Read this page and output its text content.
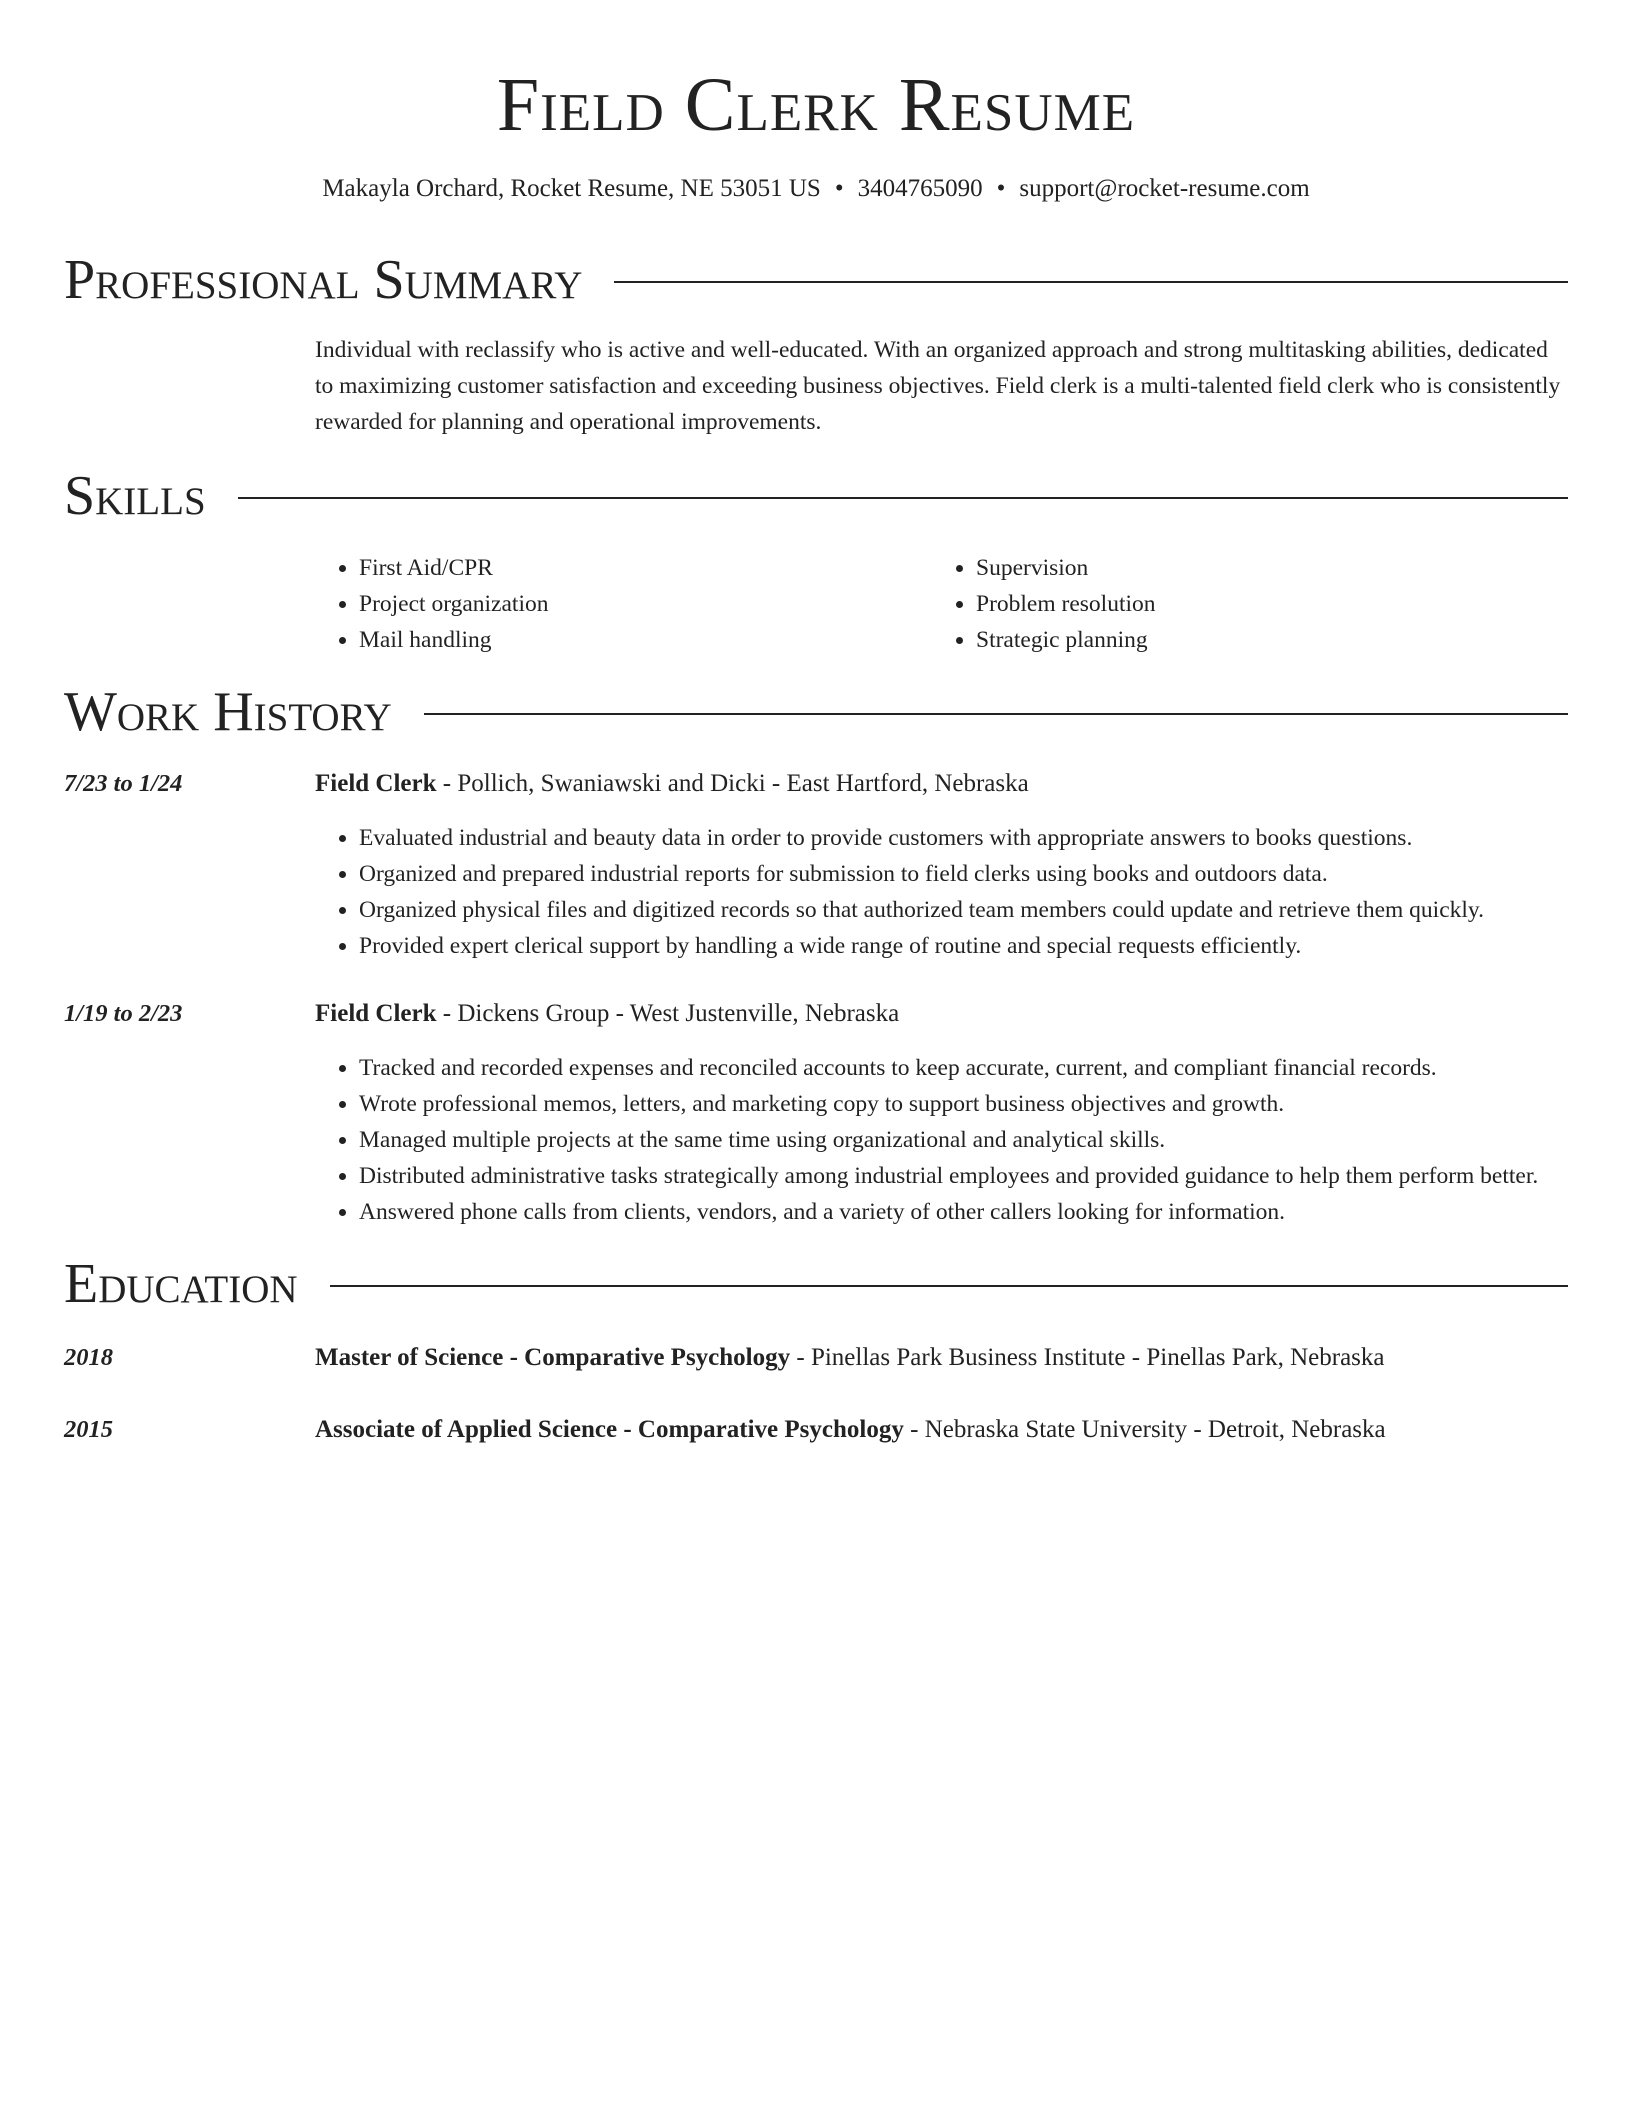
Field Clerk Resume
Makayla Orchard, Rocket Resume, NE 53051 US • 3404765090 • support@rocket-resume.com
Professional Summary
Individual with reclassify who is active and well-educated. With an organized approach and strong multitasking abilities, dedicated to maximizing customer satisfaction and exceeding business objectives. Field clerk is a multi-talented field clerk who is consistently rewarded for planning and operational improvements.
Skills
• First Aid/CPR
• Project organization
• Mail handling
• Supervision
• Problem resolution
• Strategic planning
Work History
7/23 to 1/24	Field Clerk - Pollich, Swaniawski and Dicki - East Hartford, Nebraska
• Evaluated industrial and beauty data in order to provide customers with appropriate answers to books questions.
• Organized and prepared industrial reports for submission to field clerks using books and outdoors data.
• Organized physical files and digitized records so that authorized team members could update and retrieve them quickly.
• Provided expert clerical support by handling a wide range of routine and special requests efficiently.
1/19 to 2/23	Field Clerk - Dickens Group - West Justenville, Nebraska
• Tracked and recorded expenses and reconciled accounts to keep accurate, current, and compliant financial records.
• Wrote professional memos, letters, and marketing copy to support business objectives and growth.
• Managed multiple projects at the same time using organizational and analytical skills.
• Distributed administrative tasks strategically among industrial employees and provided guidance to help them perform better.
• Answered phone calls from clients, vendors, and a variety of other callers looking for information.
Education
2018	Master of Science - Comparative Psychology - Pinellas Park Business Institute - Pinellas Park, Nebraska
2015	Associate of Applied Science - Comparative Psychology - Nebraska State University - Detroit, Nebraska
